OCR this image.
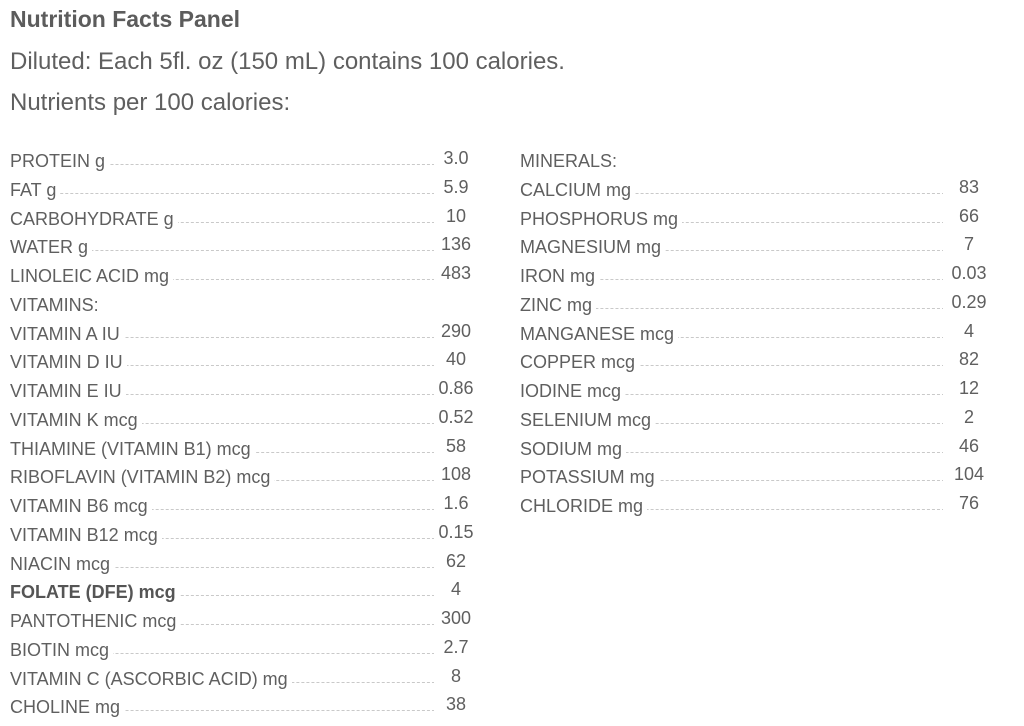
Nutrition Facts Panel
Diluted: Each 5fl. oz (150 mL) contains 100 calories.
Nutrients per 100 calories:
PROTEIN g	3.0
FAT g	5.9
CARBOHYDRATE g	10
WATER g	136
LINOLEIC ACID mg	483
VITAMINS:
VITAMIN A IU	290
VITAMIN D IU	40
VITAMIN E IU	0.86
VITAMIN K mcg	0.52
THIAMINE (VITAMIN B1) mcg	58
RIBOFLAVIN (VITAMIN B2) mcg	108
VITAMIN B6 mcg	1.6
VITAMIN B12 mcg	0.15
NIACIN mcg	62
FOLATE (DFE) mcg	4
PANTOTHENIC mcg	300
BIOTIN mcg	2.7
VITAMIN C (ASCORBIC ACID) mg	8
CHOLINE mg	38
MINERALS:
CALCIUM mg	83
PHOSPHORUS mg	66
MAGNESIUM mg	7
IRON mg	0.03
ZINC mg	0.29
MANGANESE mcg	4
COPPER mcg	82
IODINE mcg	12
SELENIUM mcg	2
SODIUM mg	46
POTASSIUM mg	104
CHLORIDE mg	76
